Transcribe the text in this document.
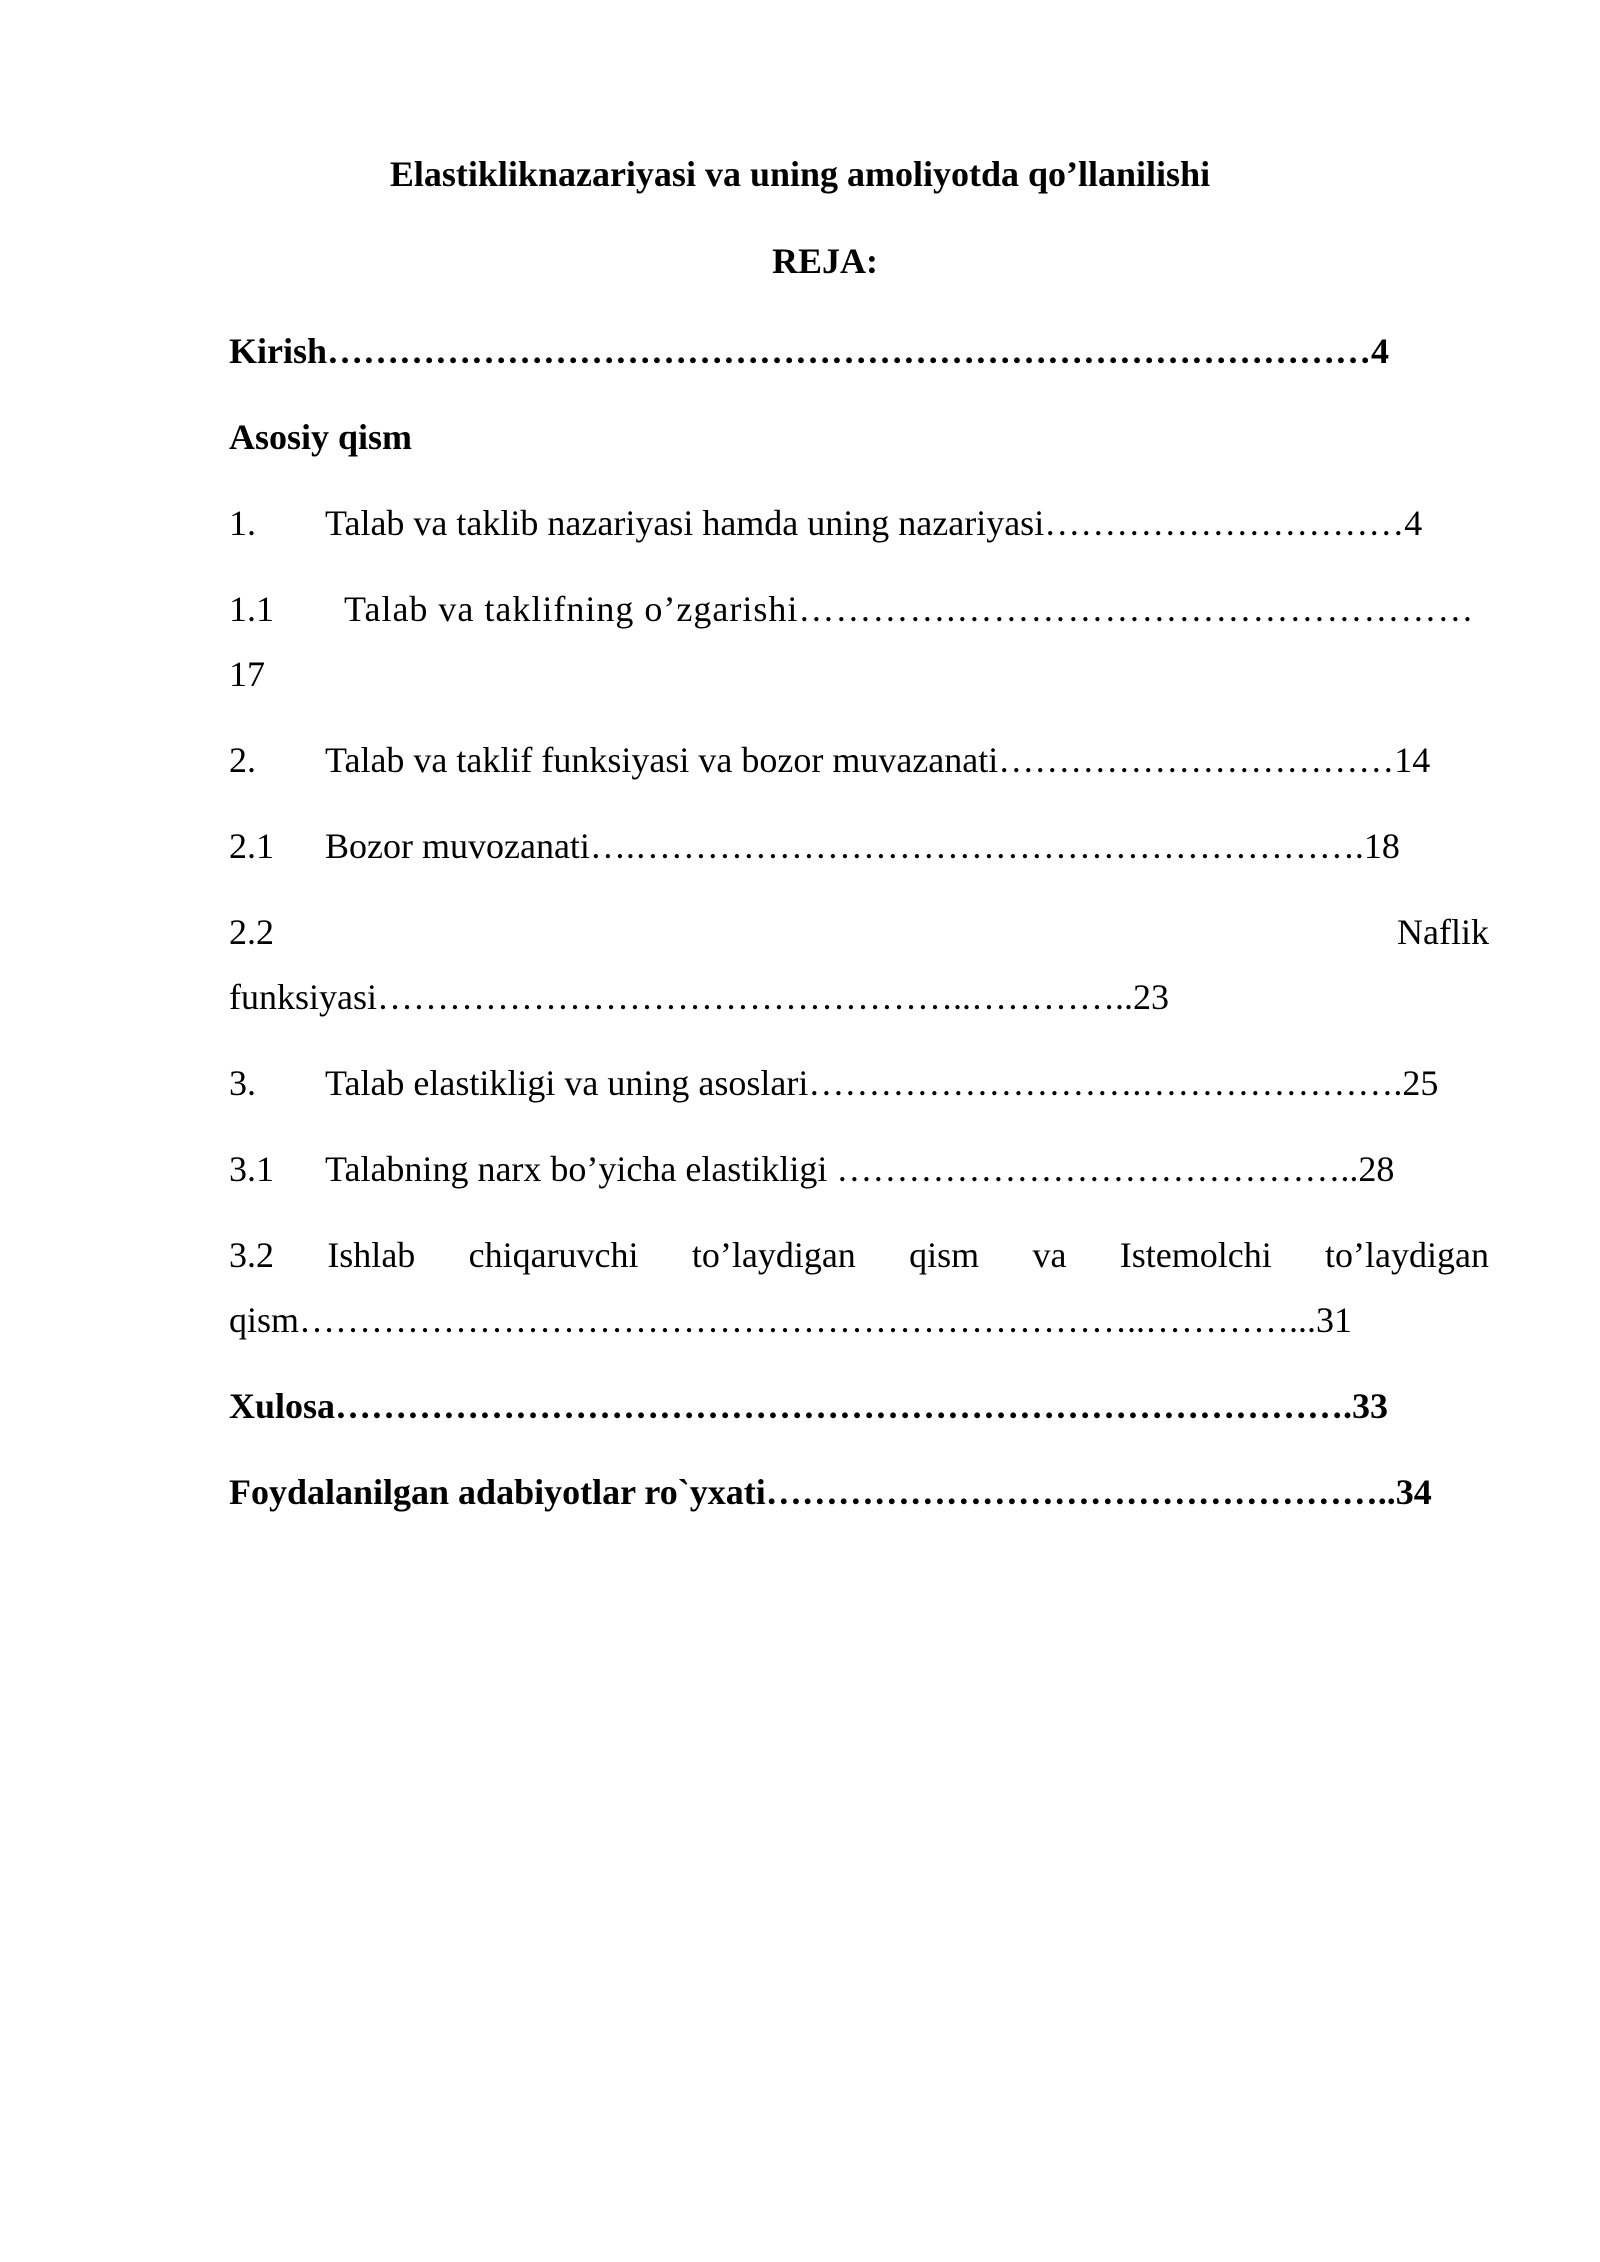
Elastikliknazariyasi va uning amoliyotda qo’llanilishi
REJA:
Kirish……………………………………………………………………………4
Asosiy qism
1. Talab va taklib nazariyasi hamda uning nazariyasi…………………………4
1.1 Talab va taklifning o’zgarishi………….……………………………………
17
2. Talab va taklif funksiyasi va bozor muvazanati……………………………14
2.1 Bozor muvozanati….…………………………………………………….18
2.2	Naflik
funksiyasi…………………………………………..…………..23
3. Talab elastikligi va uning asoslari……………………….………………….25
3.1 Talabning narx bo’yicha elastikligi ……………………………………..28
3.2 Ishlab chiqaruvchi to’laydigan qism va Istemolchi to’laydigan
qism……………………………………………………………..…………...31
Xulosa………………………………………………………………………….33
Foydalanilgan adabiyotlar ro`yxati……………………………………………..34
